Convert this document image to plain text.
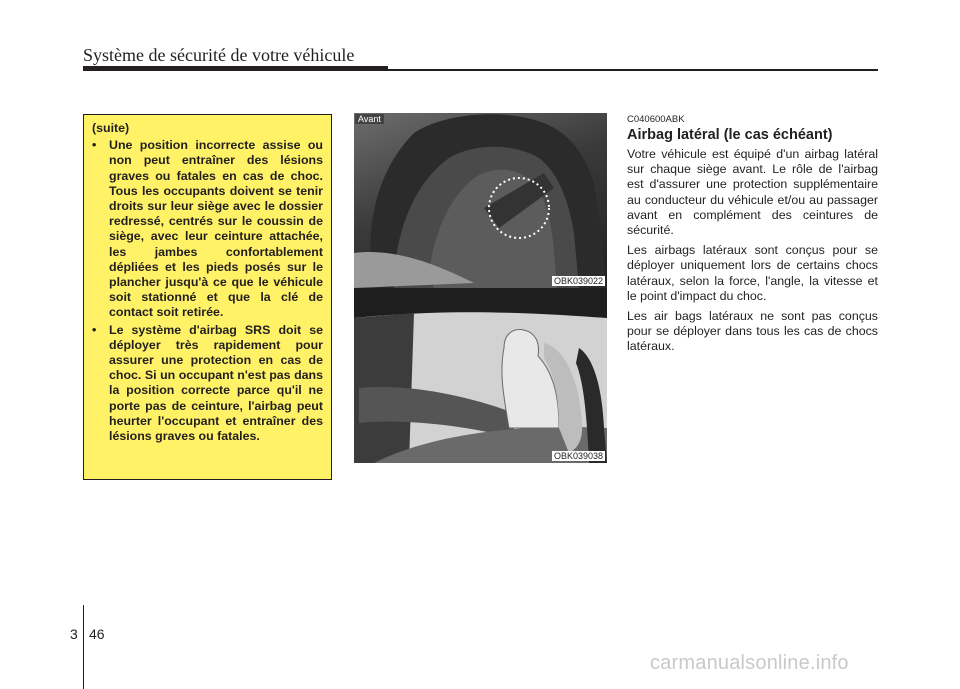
Système de sécurité de votre véhicule

(suite)

• Une position incorrecte assise ou non peut entraîner des lésions graves ou fatales en cas de choc. Tous les occupants doivent se tenir droits sur leur siège avec le dossier redressé, centrés sur le coussin de siège, avec leur ceinture attachée, les jambes confortablement dépliées et les pieds posés sur le plancher jusqu'à ce que le véhicule soit stationné et que la clé de contact soit retirée.
• Le système d'airbag SRS doit se déployer très rapidement pour assurer une protection en cas de choc. Si un occupant n'est pas dans la position correcte parce qu'il ne porte pas de ceinture, l'airbag peut heurter l'occupant et entraîner des lésions graves ou fatales.
Avant
OBK039022
OBK039038

C040600ABK

Airbag latéral (le cas échéant)

Votre véhicule est équipé d'un airbag latéral sur chaque siège avant. Le rôle de l'airbag est d'assurer une protection supplémentaire au conducteur du véhicule et/ou au passager avant en complément des ceintures de sécurité.

Les airbags latéraux sont conçus pour se déployer uniquement lors de certains chocs latéraux, selon la force, l'angle, la vitesse et le point d'impact du choc.

Les air bags latéraux ne sont pas conçus pour se déployer dans tous les cas de chocs latéraux.

3 46
carmanualsonline.info
